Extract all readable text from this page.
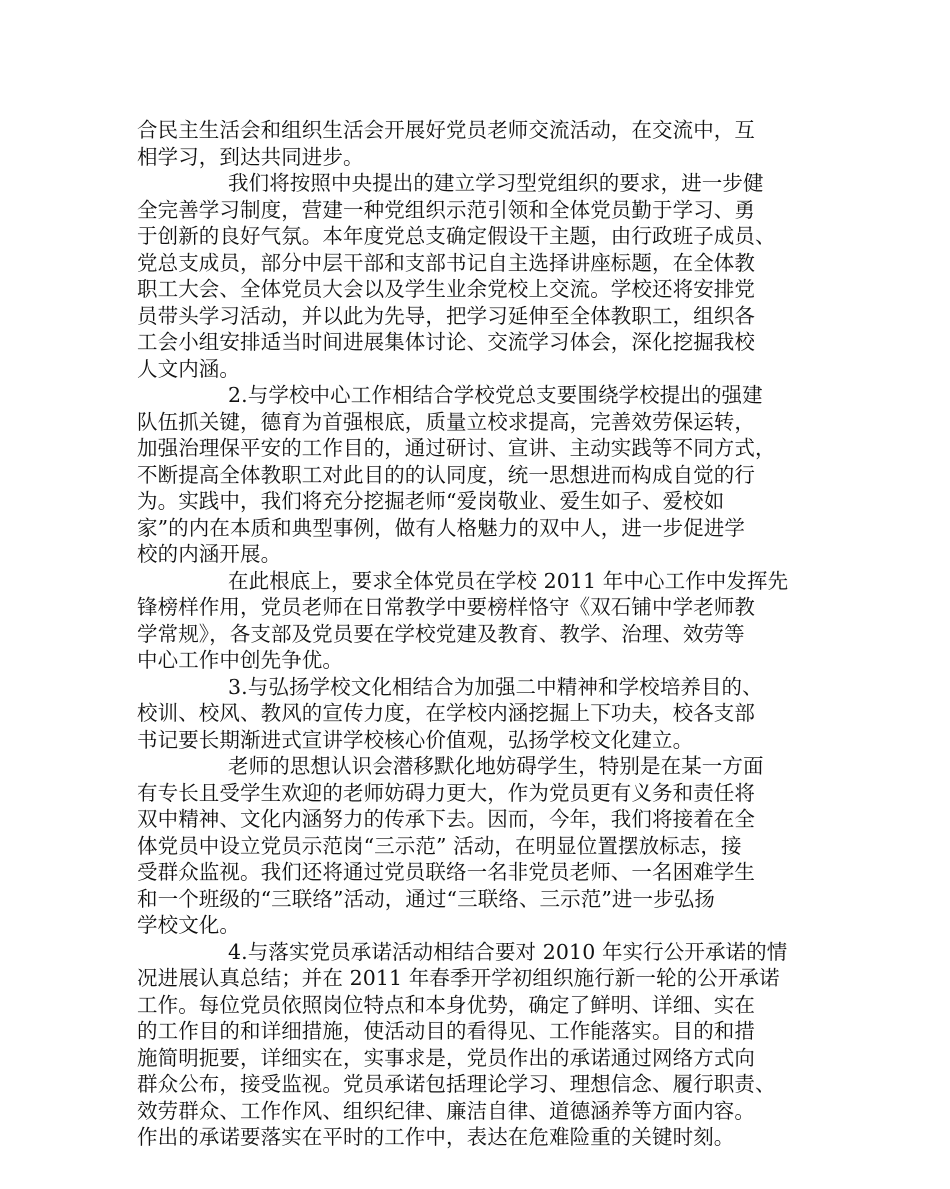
合民主生活会和组织生活会开展好党员老师交流活动，在交流中，互
相学习，到达共同进步。
我们将按照中央提出的建立学习型党组织的要求，进一步健
全完善学习制度，营建一种党组织示范引领和全体党员勤于学习、勇
于创新的良好气氛。本年度党总支确定假设干主题，由行政班子成员、
党总支成员，部分中层干部和支部书记自主选择讲座标题，在全体教
职工大会、全体党员大会以及学生业余党校上交流。学校还将安排党
员带头学习活动，并以此为先导，把学习延伸至全体教职工，组织各
工会小组安排适当时间进展集体讨论、交流学习体会，深化挖掘我校
人文内涵。
2.与学校中心工作相结合学校党总支要围绕学校提出的强建
队伍抓关键，德育为首强根底，质量立校求提高，完善效劳保运转，
加强治理保平安的工作目的，通过研讨、宣讲、主动实践等不同方式，
不断提高全体教职工对此目的的认同度，统一思想进而构成自觉的行
为。实践中，我们将充分挖掘老师“爱岗敬业、爱生如子、爱校如
家”的内在本质和典型事例，做有人格魅力的双中人，进一步促进学
校的内涵开展。
在此根底上，要求全体党员在学校 2011 年中心工作中发挥先
锋榜样作用，党员老师在日常教学中要榜样恪守《双石铺中学老师教
学常规》，各支部及党员要在学校党建及教育、教学、治理、效劳等
中心工作中创先争优。
3.与弘扬学校文化相结合为加强二中精神和学校培养目的、
校训、校风、教风的宣传力度，在学校内涵挖掘上下功夫，校各支部
书记要长期渐进式宣讲学校核心价值观，弘扬学校文化建立。
老师的思想认识会潜移默化地妨碍学生，特别是在某一方面
有专长且受学生欢迎的老师妨碍力更大，作为党员更有义务和责任将
双中精神、文化内涵努力的传承下去。因而，今年，我们将接着在全
体党员中设立党员示范岗“三示范” 活动，在明显位置摆放标志，接
受群众监视。我们还将通过党员联络一名非党员老师、一名困难学生
和一个班级的“三联络”活动，通过“三联络、三示范”进一步弘扬
学校文化。
4.与落实党员承诺活动相结合要对 2010 年实行公开承诺的情
况进展认真总结；并在 2011 年春季开学初组织施行新一轮的公开承诺
工作。每位党员依照岗位特点和本身优势，确定了鲜明、详细、实在
的工作目的和详细措施，使活动目的看得见、工作能落实。目的和措
施简明扼要，详细实在，实事求是，党员作出的承诺通过网络方式向
群众公布，接受监视。党员承诺包括理论学习、理想信念、履行职责、
效劳群众、工作作风、组织纪律、廉洁自律、道德涵养等方面内容。
作出的承诺要落实在平时的工作中，表达在危难险重的关键时刻。
